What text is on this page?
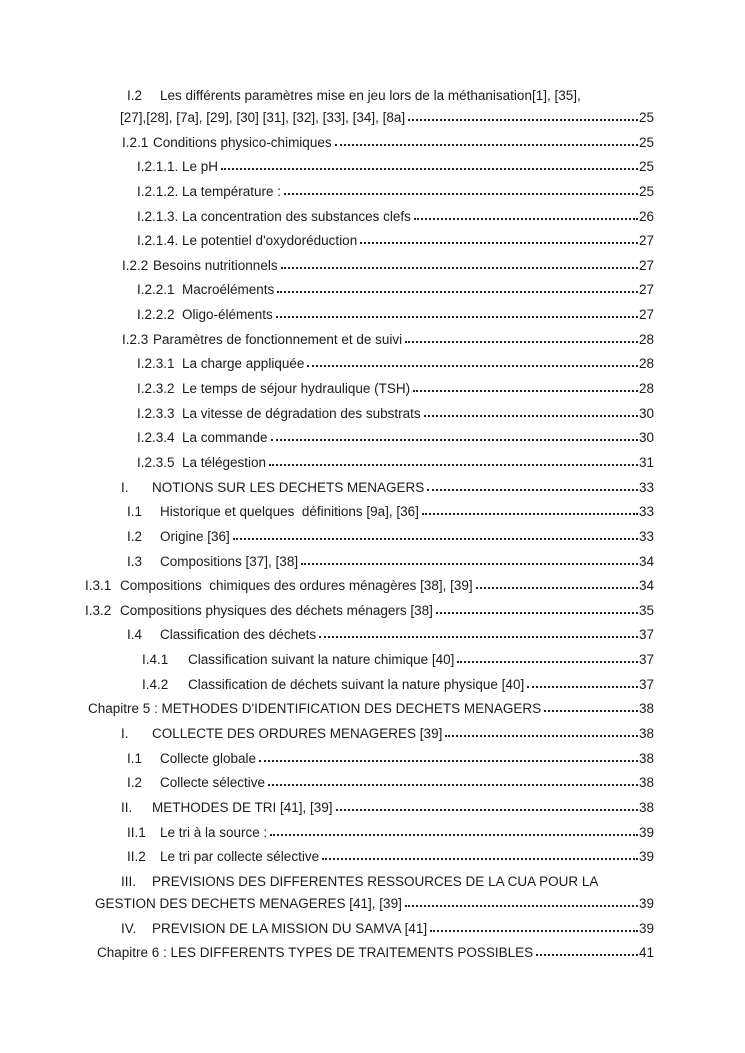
I.2	Les différents paramètres mise en jeu lors de la méthanisation[1], [35],
[27],[28], [7a], [29], [30] [31], [32], [33], [34], [8a]	25
I.2.1 Conditions physico-chimiques	25
I.2.1.1. Le pH	25
I.2.1.2. La température :	25
I.2.1.3. La concentration des substances clefs	26
I.2.1.4. Le potentiel d'oxydoréduction	27
I.2.2 Besoins nutritionnels	27
I.2.2.1 Macroéléments	27
I.2.2.2 Oligo-éléments	27
I.2.3 Paramètres de fonctionnement et de suivi	28
I.2.3.1 La charge appliquée	28
I.2.3.2 Le temps de séjour hydraulique (TSH)	28
I.2.3.3 La vitesse de dégradation des substrats	30
I.2.3.4 La commande	30
I.2.3.5 La télégestion	31
I.	NOTIONS SUR LES DECHETS MENAGERS	33
I.1	Historique et quelques  définitions [9a], [36]	33
I.2	Origine [36]	33
I.3	Compositions [37], [38]	34
I.3.1 Compositions  chimiques des ordures ménagères [38], [39]	34
I.3.2 Compositions physiques des déchets ménagers [38]	35
I.4	Classification des déchets	37
I.4.1	Classification suivant la nature chimique [40]	37
I.4.2	Classification de déchets suivant la nature physique [40]	37
Chapitre 5 : METHODES D'IDENTIFICATION DES DECHETS MENAGERS	38
I.	COLLECTE DES ORDURES MENAGERES [39]	38
I.1	Collecte globale	38
I.2	Collecte sélective	38
II.	METHODES DE TRI [41], [39]	38
II.1	Le tri à la source :	39
II.2	Le tri par collecte sélective	39
III.	PREVISIONS DES DIFFERENTES RESSOURCES DE LA CUA POUR LA
GESTION DES DECHETS MENAGERES [41], [39]	39
IV.	PREVISION DE LA MISSION DU SAMVA [41]	39
Chapitre 6 : LES DIFFERENTS TYPES DE TRAITEMENTS POSSIBLES	41
